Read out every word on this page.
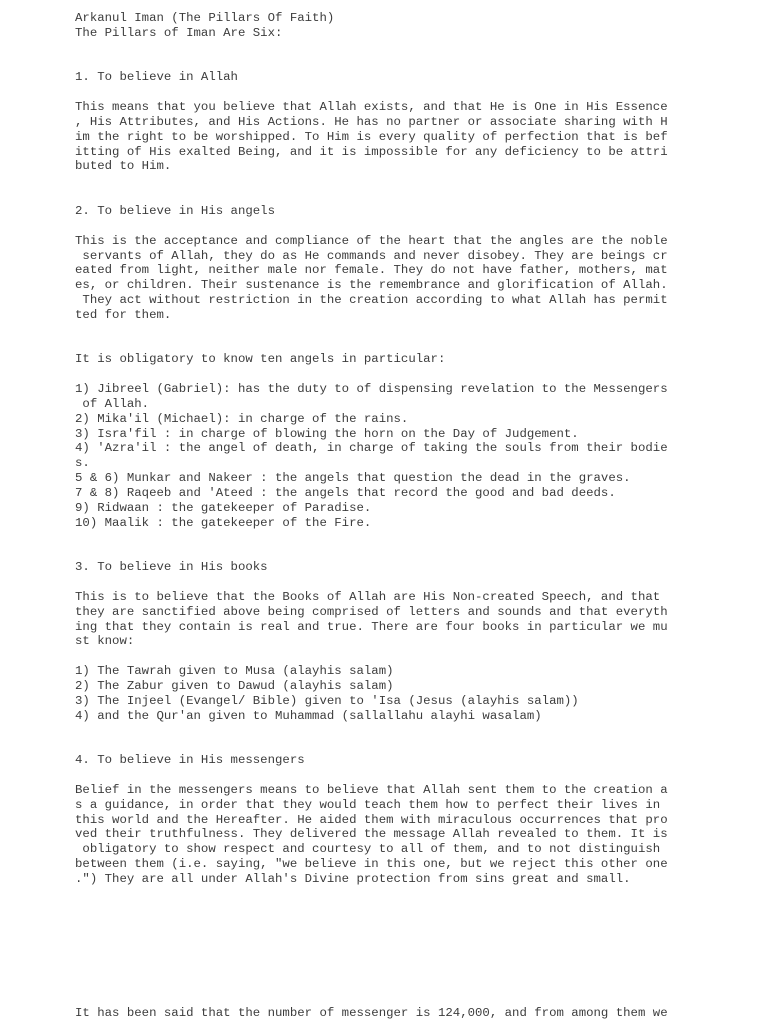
Arkanul Iman (The Pillars Of Faith)
The Pillars of Iman Are Six:
1. To believe in Allah
This means that you believe that Allah exists, and that He is One in His Essence
, His Attributes, and His Actions. He has no partner or associate sharing with H
im the right to be worshipped. To Him is every quality of perfection that is bef
itting of His exalted Being, and it is impossible for any deficiency to be attri
buted to Him.
2. To believe in His angels
This is the acceptance and compliance of the heart that the angles are the noble
servants of Allah, they do as He commands and never disobey. They are beings cr
eated from light, neither male nor female. They do not have father, mothers, mat
es, or children. Their sustenance is the remembrance and glorification of Allah.
They act without restriction in the creation according to what Allah has permit
ted for them.
It is obligatory to know ten angels in particular:
1) Jibreel (Gabriel): has the duty to of dispensing revelation to the Messengers
of Allah.
2) Mika'il (Michael): in charge of the rains.
3) Isra'fil : in charge of blowing the horn on the Day of Judgement.
4) 'Azra'il : the angel of death, in charge of taking the souls from their bodie
s.
5 & 6) Munkar and Nakeer : the angels that question the dead in the graves.
7 & 8) Raqeeb and 'Ateed : the angels that record the good and bad deeds.
9) Ridwaan : the gatekeeper of Paradise.
10) Maalik : the gatekeeper of the Fire.
3. To believe in His books
This is to believe that the Books of Allah are His Non-created Speech, and that
they are sanctified above being comprised of letters and sounds and that everyth
ing that they contain is real and true. There are four books in particular we mu
st know:
1) The Tawrah given to Musa (alayhis salam)
2) The Zabur given to Dawud (alayhis salam)
3) The Injeel (Evangel/ Bible) given to 'Isa (Jesus (alayhis salam))
4) and the Qur'an given to Muhammad (sallallahu alayhi wasalam)
4. To believe in His messengers
Belief in the messengers means to believe that Allah sent them to the creation a
s a guidance, in order that they would teach them how to perfect their lives in
this world and the Hereafter. He aided them with miraculous occurrences that pro
ved their truthfulness. They delivered the message Allah revealed to them. It is
obligatory to show respect and courtesy to all of them, and to not distinguish
between them (i.e. saying, "we believe in this one, but we reject this other one
.") They are all under Allah's Divine protection from sins great and small.
It has been said that the number of messenger is 124,000, and from among them we
